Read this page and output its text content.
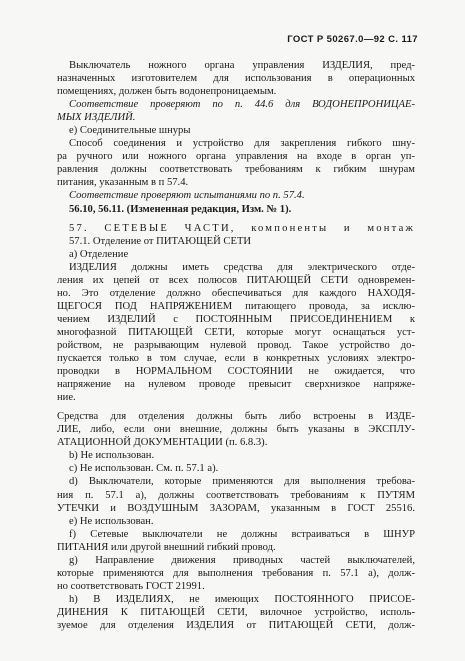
ГОСТ Р 50267.0—92 С. 117
Выключатель ножного органа управления ИЗДЕЛИЯ, пред-
назначенных изготовителем для использования в операционных
помещениях, должен быть водонепроницаемым.
Соответствие проверяют по п. 44.6 для ВОДОНЕПРОНИЦАЕ-
МЫХ ИЗДЕЛИЙ.
e) Соединительные шнуры
Способ соединения и устройство для закрепления гибкого шну-
ра ручного или ножного органа управления на входе в орган уп-
равления должны соответствовать требованиям к гибким шнурам
питания, указанным в п 57.4.
Соответствие проверяют испытаниями по п. 57.4.
56.10, 56.11. (Измененная редакция, Изм. № 1).
57. СЕТЕВЫЕ ЧАСТИ, компоненты и монтаж
57.1. Отделение от ПИТАЮЩЕЙ СЕТИ
а) Отделение
ИЗДЕЛИЯ должны иметь средства для электрического отде-
ления их цепей от всех полюсов ПИТАЮЩЕЙ СЕТИ одновремен-
но. Это отделение должно обеспечиваться для каждого НАХОДЯ-
ЩЕГОСЯ ПОД НАПРЯЖЕНИЕМ питающего провода, за исклю-
чением ИЗДЕЛИЙ с ПОСТОЯННЫМ ПРИСОЕДИНЕНИЕМ к
многофазной ПИТАЮЩЕЙ СЕТИ, которые могут оснащаться уст-
ройством, не разрывающим нулевой провод. Такое устройство до-
пускается только в том случае, если в конкретных условиях электро-
проводки в НОРМАЛЬНОМ СОСТОЯНИИ не ожидается, что
напряжение на нулевом проводе превысит сверхнизкое напряже-
ние.
Средства для отделения должны быть либо встроены в ИЗДЕ-
ЛИЕ, либо, если они внешние, должны быть указаны в ЭКСПЛУ-
АТАЦИОННОЙ ДОКУМЕНТАЦИИ (п. 6.8.3).
b) Не использован.
c) Не использован. См. п. 57.1 а).
d) Выключатели, которые применяются для выполнения требова-
ния п. 57.1 а), должны соответствовать требованиям к ПУТЯМ
УТЕЧКИ и ВОЗДУШНЫМ ЗАЗОРАМ, указанным в ГОСТ 25516.
e) Не использован.
f) Сетевые выключатели не должны встраиваться в ШНУР
ПИТАНИЯ или другой внешний гибкий провод.
g) Направление движения приводных частей выключателей,
которые применяются для выполнения требования п. 57.1 а), долж-
но соответствовать ГОСТ 21991.
h) В ИЗДЕЛИЯХ, не имеющих ПОСТОЯННОГО ПРИСОЕ-
ДИНЕНИЯ К ПИТАЮЩЕЙ СЕТИ, вилочное устройство, исполь-
зуемое для отделения ИЗДЕЛИЯ от ПИТАЮЩЕЙ СЕТИ, долж-
